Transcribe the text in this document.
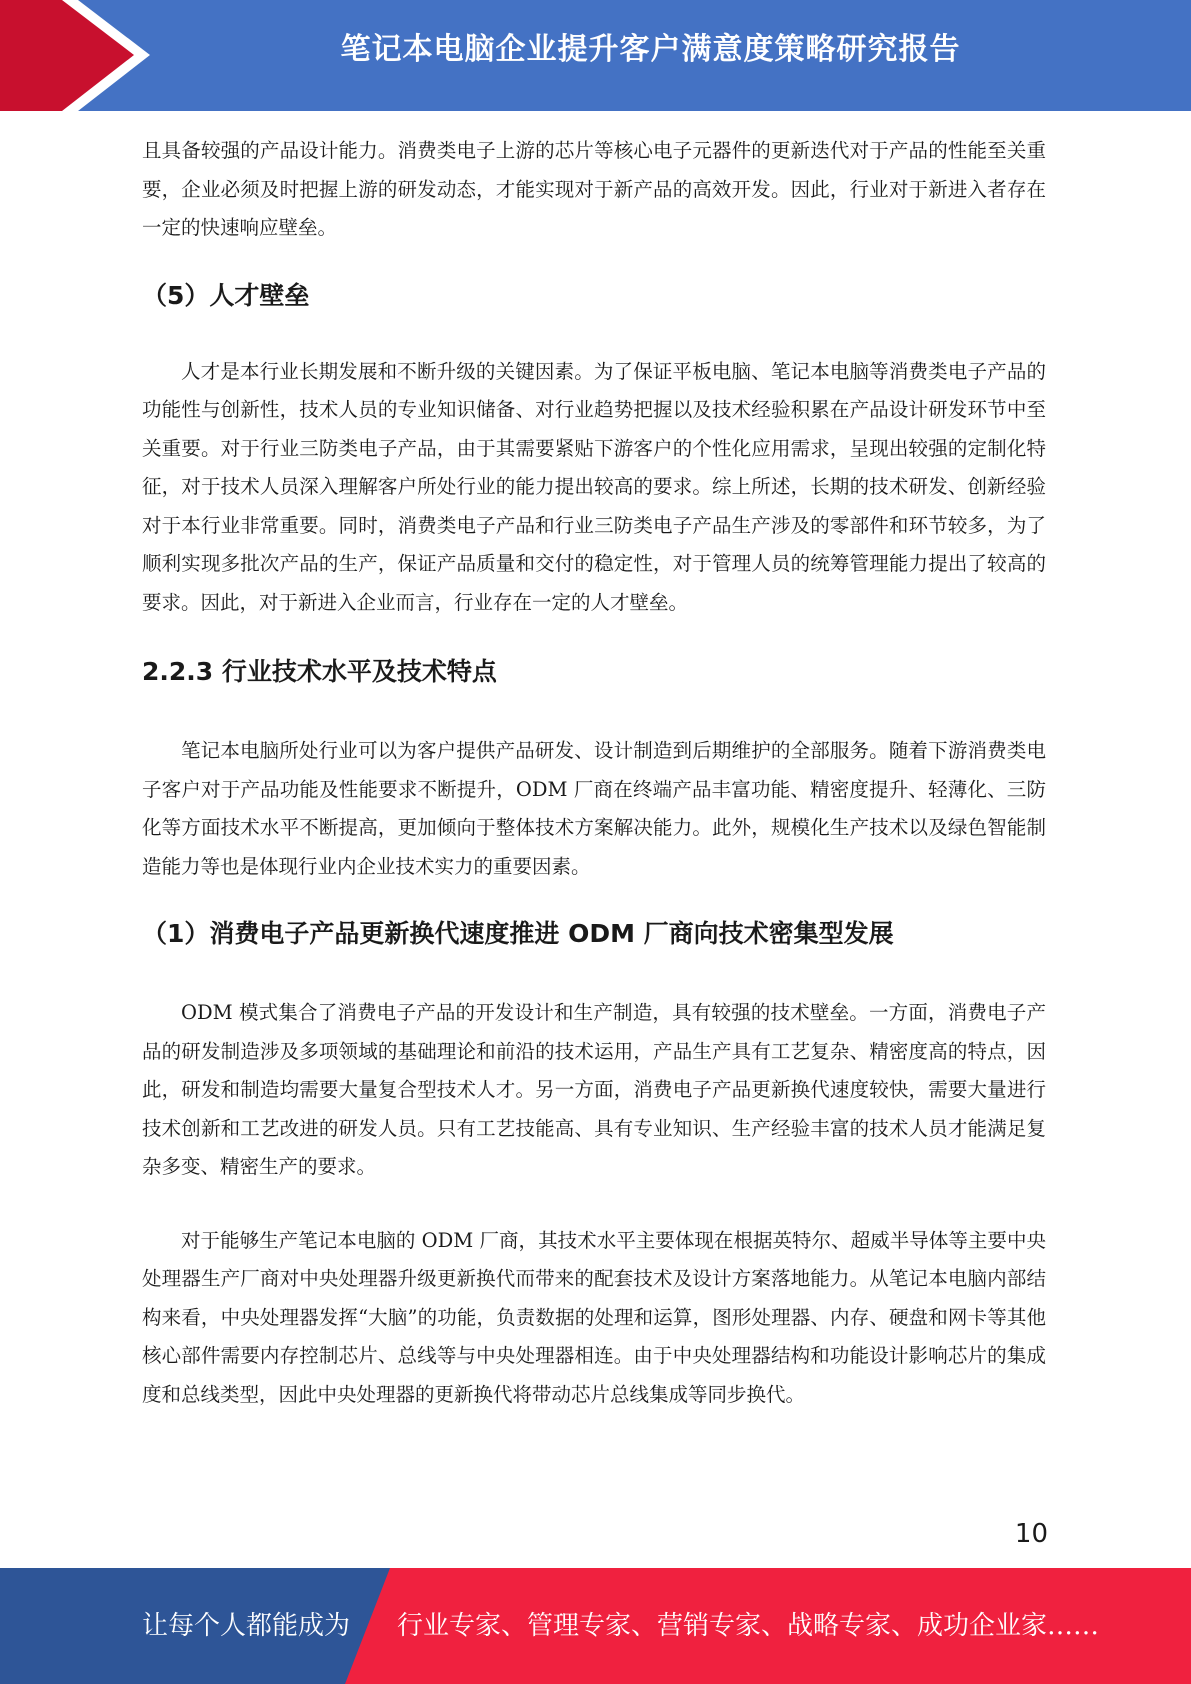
笔记本电脑企业提升客户满意度策略研究报告

且具备较强的产品设计能力。消费类电子上游的芯片等核心电子元器件的更新迭代对于产品的性能至关重要，企业必须及时把握上游的研发动态，才能实现对于新产品的高效开发。因此，行业对于新进入者存在一定的快速响应壁垒。

（5）人才壁垒

人才是本行业长期发展和不断升级的关键因素。为了保证平板电脑、笔记本电脑等消费类电子产品的功能性与创新性，技术人员的专业知识储备、对行业趋势把握以及技术经验积累在产品设计研发环节中至关重要。对于行业三防类电子产品，由于其需要紧贴下游客户的个性化应用需求，呈现出较强的定制化特征，对于技术人员深入理解客户所处行业的能力提出较高的要求。综上所述，长期的技术研发、创新经验对于本行业非常重要。同时，消费类电子产品和行业三防类电子产品生产涉及的零部件和环节较多，为了顺利实现多批次产品的生产，保证产品质量和交付的稳定性，对于管理人员的统筹管理能力提出了较高的要求。因此，对于新进入企业而言，行业存在一定的人才壁垒。

2.2.3 行业技术水平及技术特点

笔记本电脑所处行业可以为客户提供产品研发、设计制造到后期维护的全部服务。随着下游消费类电子客户对于产品功能及性能要求不断提升，ODM 厂商在终端产品丰富功能、精密度提升、轻薄化、三防化等方面技术水平不断提高，更加倾向于整体技术方案解决能力。此外，规模化生产技术以及绿色智能制造能力等也是体现行业内企业技术实力的重要因素。

（1）消费电子产品更新换代速度推进 ODM 厂商向技术密集型发展

ODM 模式集合了消费电子产品的开发设计和生产制造，具有较强的技术壁垒。一方面，消费电子产品的研发制造涉及多项领域的基础理论和前沿的技术运用，产品生产具有工艺复杂、精密度高的特点，因此，研发和制造均需要大量复合型技术人才。另一方面，消费电子产品更新换代速度较快，需要大量进行技术创新和工艺改进的研发人员。只有工艺技能高、具有专业知识、生产经验丰富的技术人员才能满足复杂多变、精密生产的要求。

对于能够生产笔记本电脑的 ODM 厂商，其技术水平主要体现在根据英特尔、超威半导体等主要中央处理器生产厂商对中央处理器升级更新换代而带来的配套技术及设计方案落地能力。从笔记本电脑内部结构来看，中央处理器发挥“大脑”的功能，负责数据的处理和运算，图形处理器、内存、硬盘和网卡等其他核心部件需要内存控制芯片、总线等与中央处理器相连。由于中央处理器结构和功能设计影响芯片的集成度和总线类型，因此中央处理器的更新换代将带动芯片总线集成等同步换代。

10
让每个人都能成为 行业专家、管理专家、营销专家、战略专家、成功企业家……
